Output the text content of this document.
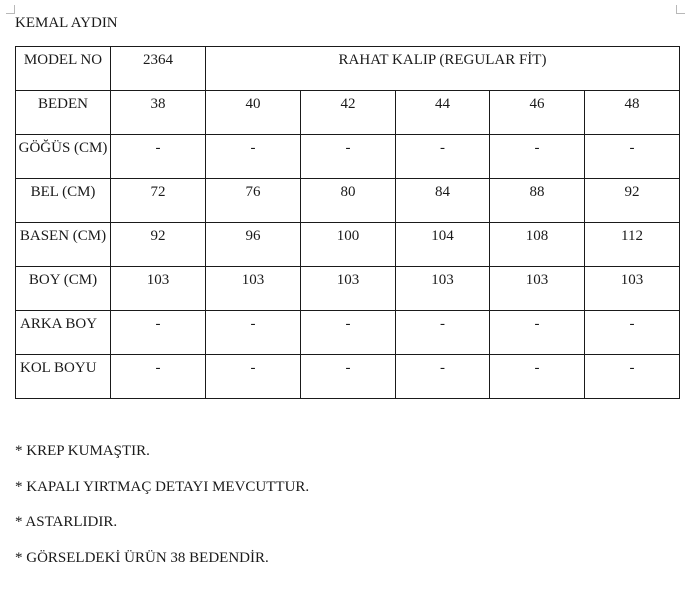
KEMAL AYDIN
MODEL NO	2364	RAHAT KALIP (REGULAR FİT)				
BEDEN	38	40	42	44	46	48
GÖĞÜS (CM)	-	-	-	-	-	-
BEL (CM)	72	76	80	84	88	92
BASEN (CM)	92	96	100	104	108	112
BOY (CM)	103	103	103	103	103	103
ARKA BOY	-	-	-	-	-	-
KOL BOYU	-	-	-	-	-	-
* KREP KUMAŞTIR.
* KAPALI YIRTMAÇ DETAYI MEVCUTTUR.
* ASTARLIDIR.
* GÖRSELDEKİ ÜRÜN 38 BEDENDİR.
